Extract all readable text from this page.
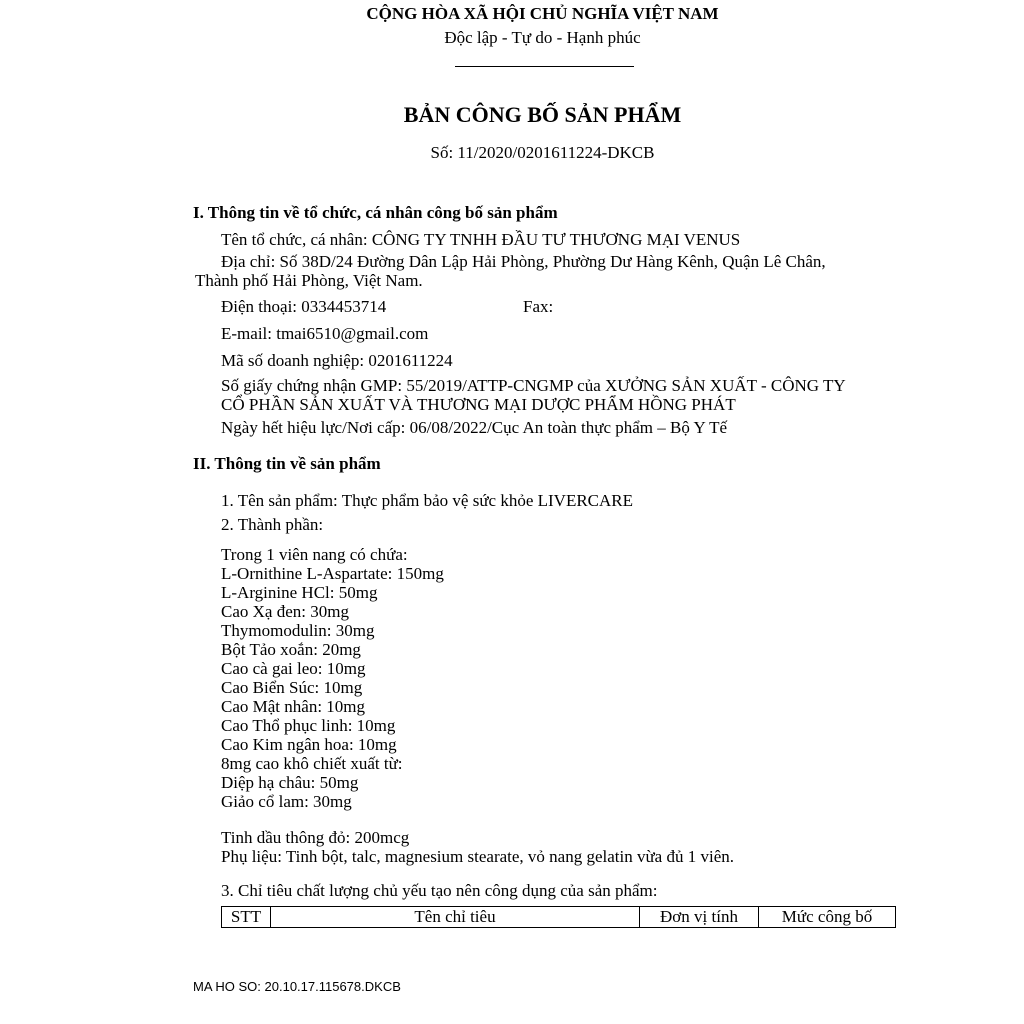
CỘNG HÒA XÃ HỘI CHỦ NGHĨA VIỆT NAM
Độc lập - Tự do - Hạnh phúc
BẢN CÔNG BỐ SẢN PHẨM
Số: 11/2020/0201611224-DKCB
I. Thông tin về tổ chức, cá nhân công bố sản phẩm
Tên tổ chức, cá nhân: CÔNG TY TNHH ĐẦU TƯ THƯƠNG MẠI VENUS
Địa chỉ: Số 38D/24 Đường Dân Lập Hải Phòng, Phường Dư Hàng Kênh, Quận Lê Chân,
Thành phố Hải Phòng, Việt Nam.
Điện thoại: 0334453714	Fax:
E-mail: tmai6510@gmail.com
Mã số doanh nghiệp: 0201611224
Số giấy chứng nhận GMP: 55/2019/ATTP-CNGMP của XƯỞNG SẢN XUẤT - CÔNG TY
CỔ PHẦN SẢN XUẤT VÀ THƯƠNG MẠI DƯỢC PHẨM HỒNG PHÁT
Ngày hết hiệu lực/Nơi cấp: 06/08/2022/Cục An toàn thực phẩm – Bộ Y Tế
II. Thông tin về sản phẩm
1. Tên sản phẩm: Thực phẩm bảo vệ sức khỏe LIVERCARE
2. Thành phần:
Trong 1 viên nang có chứa:
L-Ornithine L-Aspartate: 150mg
L-Arginine HCl: 50mg
Cao Xạ đen: 30mg
Thymomodulin: 30mg
Bột Tảo xoắn: 20mg
Cao cà gai leo: 10mg
Cao Biển Súc: 10mg
Cao Mật nhân: 10mg
Cao Thổ phục linh: 10mg
Cao Kim ngân hoa: 10mg
8mg cao khô chiết xuất từ:
Diệp hạ châu: 50mg
Giảo cổ lam: 30mg
Tinh dầu thông đỏ: 200mcg
Phụ liệu: Tinh bột, talc, magnesium stearate, vỏ nang gelatin vừa đủ 1 viên.
3. Chỉ tiêu chất lượng chủ yếu tạo nên công dụng của sản phẩm:
STT	Tên chỉ tiêu	Đơn vị tính	Mức công bố
MA HO SO: 20.10.17.115678.DKCB
